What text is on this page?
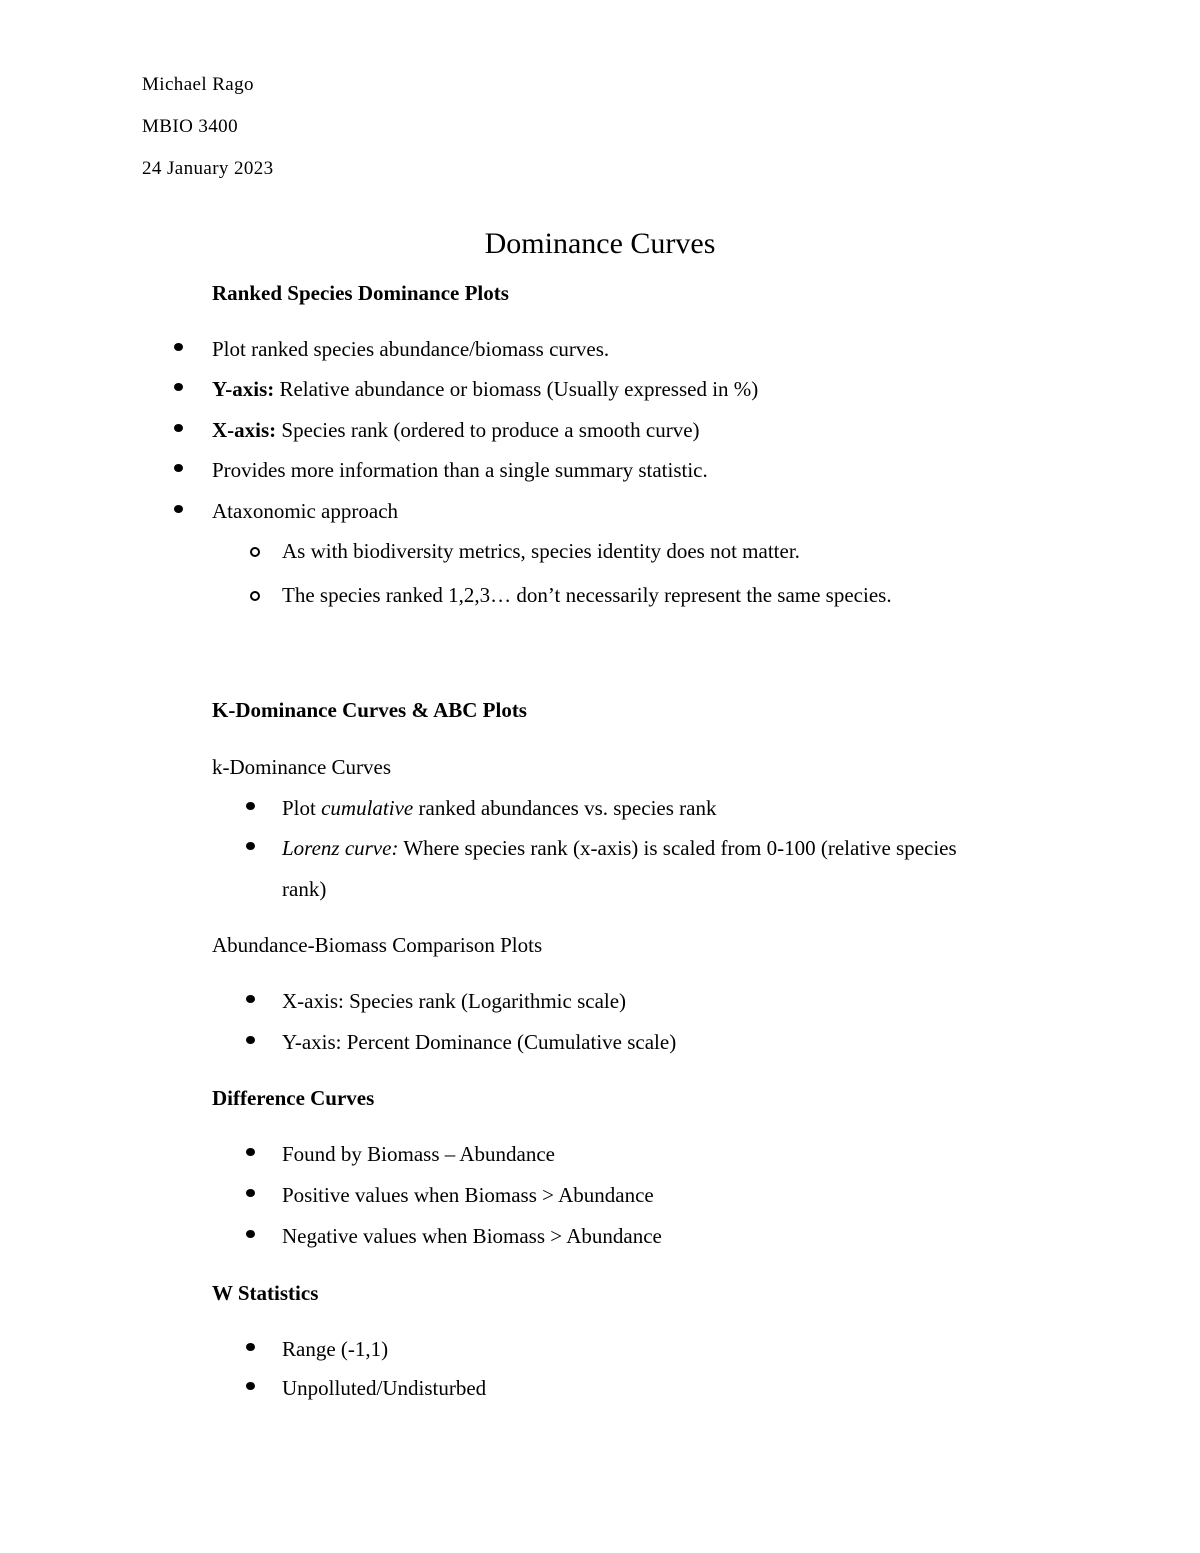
Michael Rago
MBIO 3400
24 January 2023
Dominance Curves
Ranked Species Dominance Plots
Plot ranked species abundance/biomass curves.
Y-axis: Relative abundance or biomass (Usually expressed in %)
X-axis: Species rank (ordered to produce a smooth curve)
Provides more information than a single summary statistic.
Ataxonomic approach
As with biodiversity metrics, species identity does not matter.
The species ranked 1,2,3… don’t necessarily represent the same species.
K-Dominance Curves & ABC Plots
k-Dominance Curves
Plot cumulative ranked abundances vs. species rank
Lorenz curve: Where species rank (x-axis) is scaled from 0-100 (relative species
rank)
Abundance-Biomass Comparison Plots
X-axis: Species rank (Logarithmic scale)
Y-axis: Percent Dominance (Cumulative scale)
Difference Curves
Found by Biomass – Abundance
Positive values when Biomass > Abundance
Negative values when Biomass > Abundance
W Statistics
Range (-1,1)
Unpolluted/Undisturbed
